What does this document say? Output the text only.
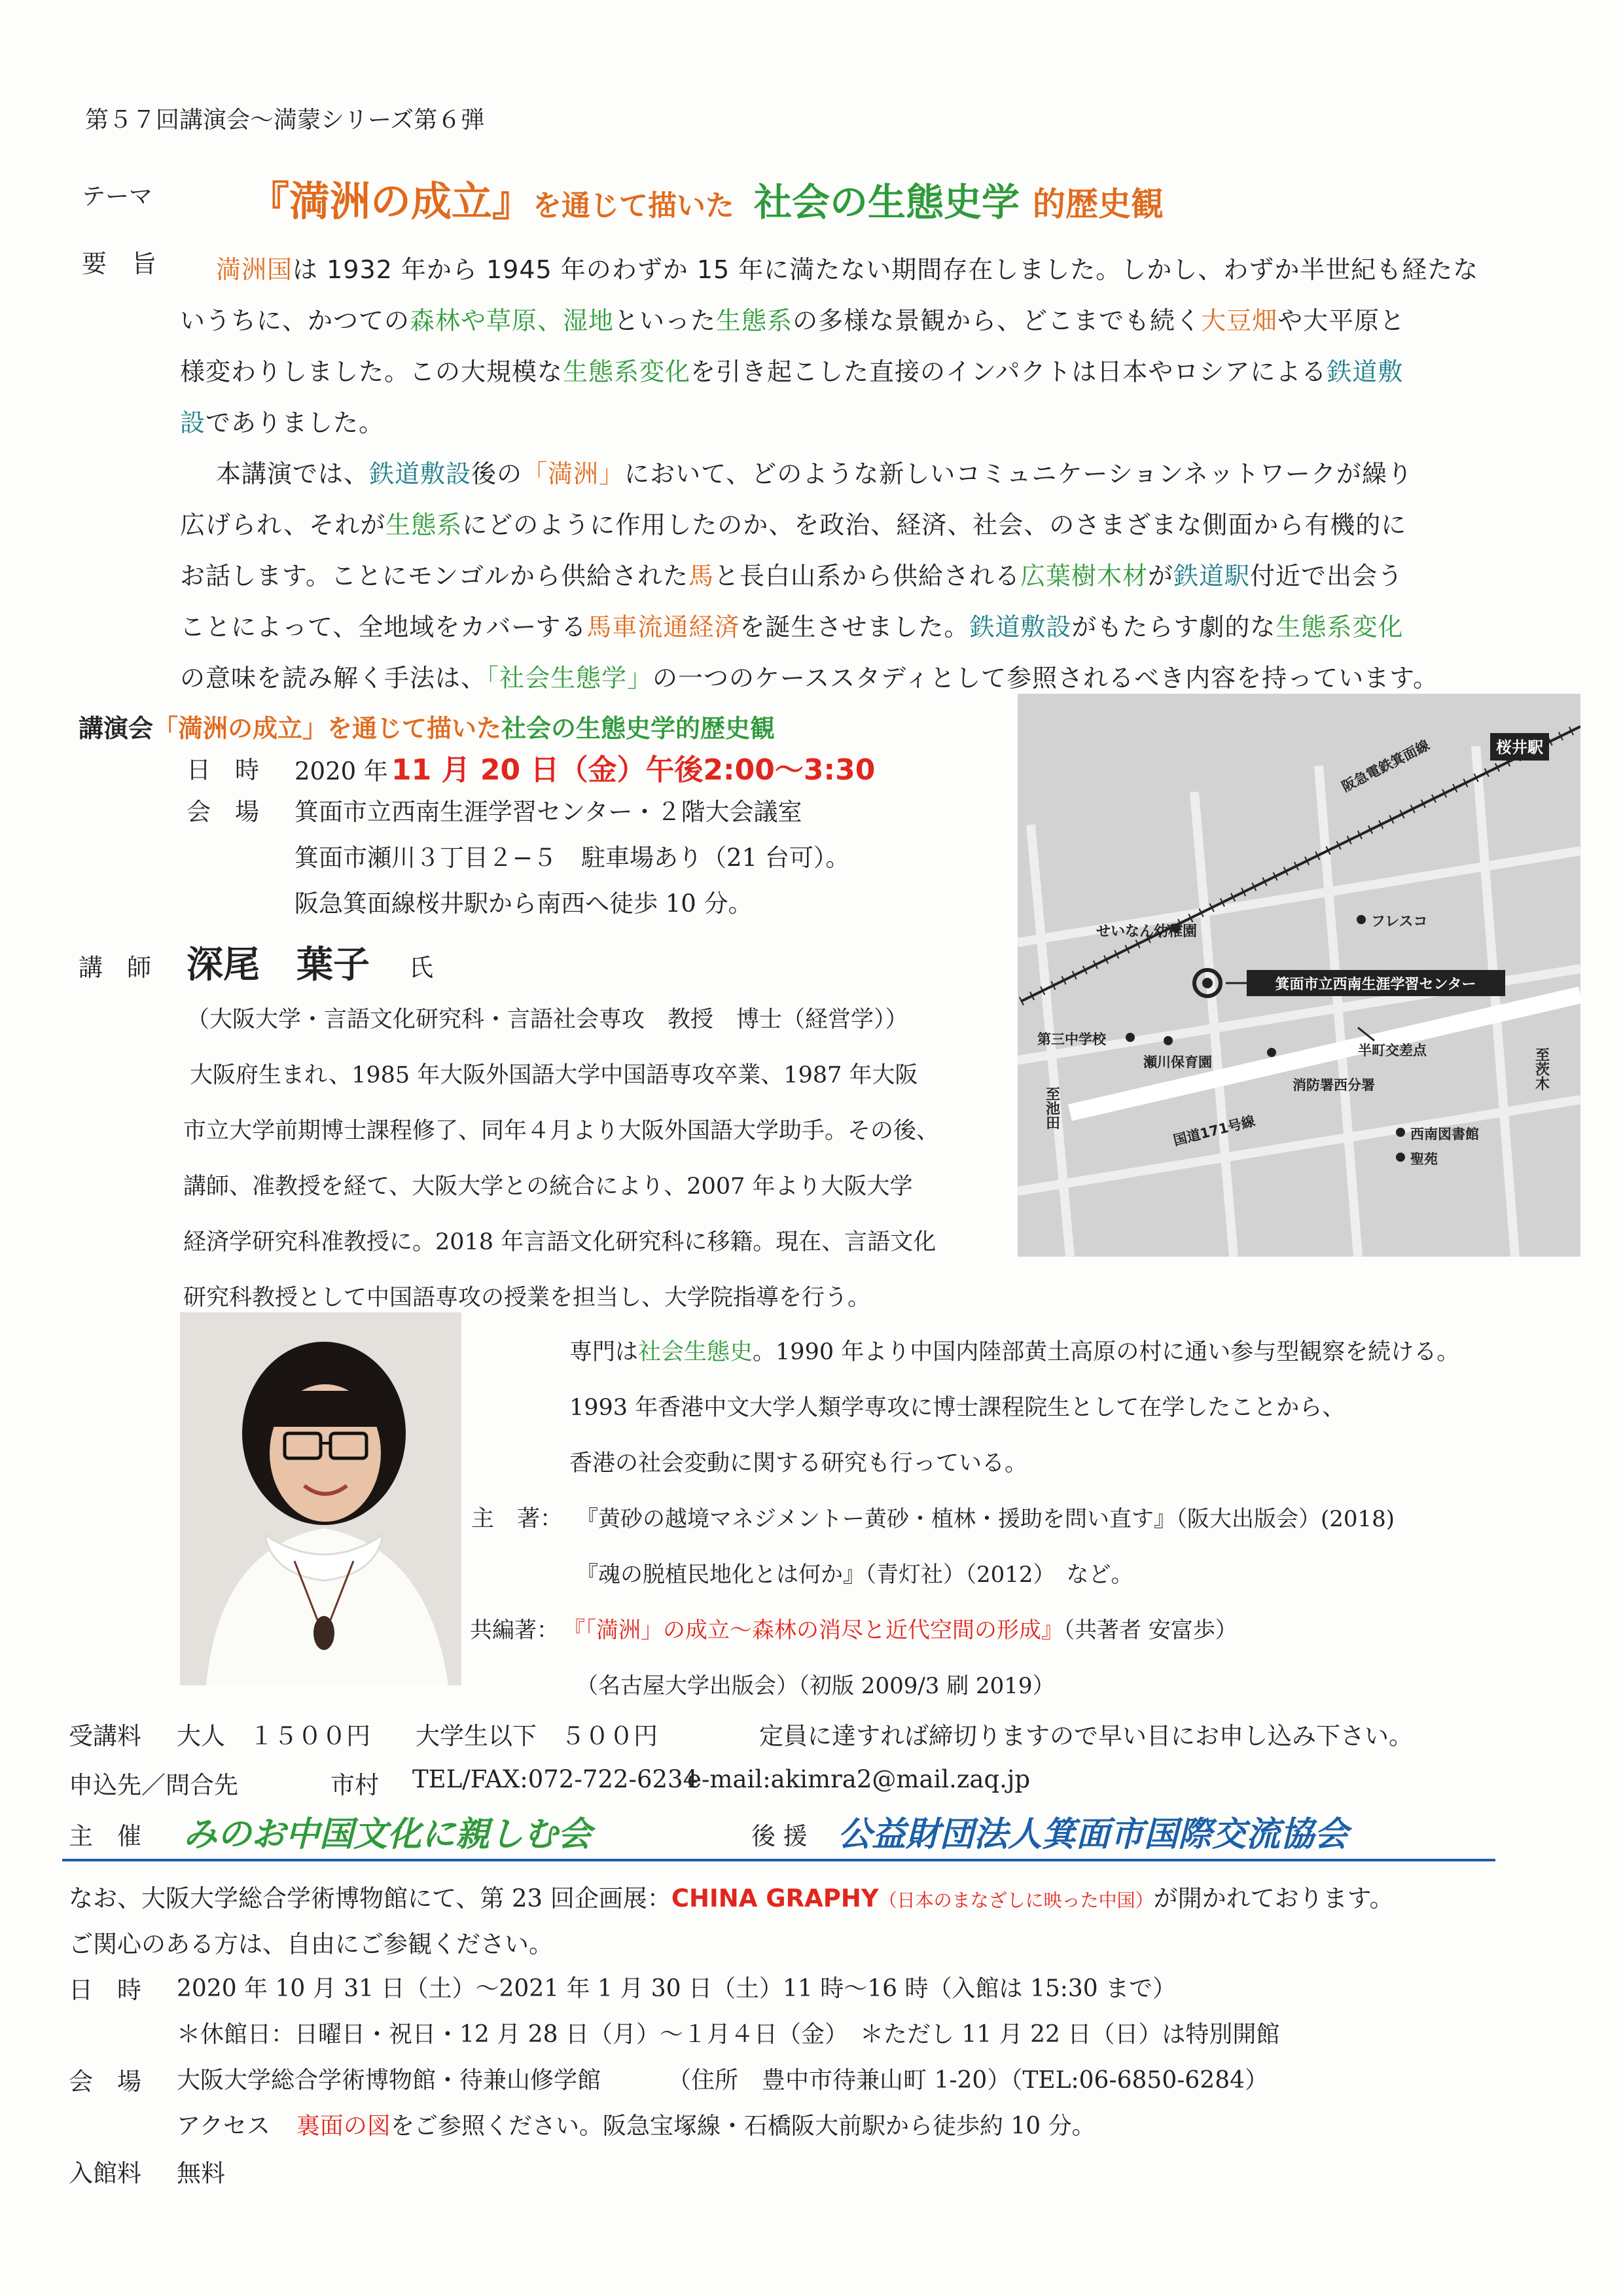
第５７回講演会〜満蒙シリーズ第６弾
テーマ 『満洲の成立』を通じて描いた 社会の生態史学 的歴史観
要　旨 満洲国は 1932 年から 1945 年のわずか 15 年に満たない期間存在しました。しかし、わずか半世紀も経たな
いうちに、かつての森林や草原、湿地といった生態系の多様な景観から、どこまでも続く大豆畑や大平原と
様変わりしました。この大規模な生態系変化を引き起こした直接のインパクトは日本やロシアによる鉄道敷
設でありました。
本講演では、鉄道敷設後の「満洲」において、どのような新しいコミュニケーションネットワークが繰り
広げられ、それが生態系にどのように作用したのか、を政治、経済、社会、のさまざまな側面から有機的に
お話します。ことにモンゴルから供給された馬と長白山系から供給される広葉樹木材が鉄道駅付近で出会う
ことによって、全地域をカバーする馬車流通経済を誕生させました。鉄道敷設がもたらす劇的な生態系変化
の意味を読み解く手法は、「社会生態学」の一つのケーススタディとして参照されるべき内容を持っています。
講演会「満洲の成立」を通じて描いた社会の生態史学的歴史観
日　時 2020 年 11 月 20 日（金）午後2:00〜3:30
会　場 箕面市立西南生涯学習センター・２階大会議室
箕面市瀬川３丁目２−５　駐車場あり（21 台可）。
阪急箕面線桜井駅から南西へ徒歩 10 分。
講　師 深尾　葉子 氏
（大阪大学・言語文化研究科・言語社会専攻　教授　博士（経営学））
大阪府生まれ、1985 年大阪外国語大学中国語専攻卒業、1987 年大阪
市立大学前期博士課程修了、同年４月より大阪外国語大学助手。その後、
講師、准教授を経て、大阪大学との統合により、2007 年より大阪大学
経済学研究科准教授に。2018 年言語文化研究科に移籍。現在、言語文化
研究科教授として中国語専攻の授業を担当し、大学院指導を行う。
桜井駅
阪急電鉄箕面線
せいなん幼稚園
フレスコ
箕面市立西南生涯学習センター
第三中学校
瀬川保育園
半町交差点
消防署西分署
至池田
至茨木
国道171号線	西南図書館
聖苑
専門は社会生態史。1990 年より中国内陸部黄土高原の村に通い参与型観察を続ける。
1993 年香港中文大学人類学専攻に博士課程院生として在学したことから、
香港の社会変動に関する研究も行っている。
主　著： 『黄砂の越境マネジメントー黄砂・植林・援助を問い直す』（阪大出版会）(2018)
『魂の脱植民地化とは何か』（青灯社）（2012）　など。
共編著： 『「満洲」の成立〜森林の消尽と近代空間の形成』（共著者 安富歩）
（名古屋大学出版会）（初版 2009/3 刷 2019）
受講料 大人　１５００円 大学生以下　５００円	定員に達すれば締切りますので早い目にお申し込み下さい。
申込先／問合先	市村 TEL/FAX:072-722-6234
e-mail:akimra2@mail.zaq.jp
主　催 みのお中国文化に親しむ会	後 援 公益財団法人箕面市国際交流協会
なお、大阪大学総合学術博物館にて、第 23 回企画展：CHINA GRAPHY（日本のまなざしに映った中国）が開かれております。
ご関心のある方は、自由にご参観ください。
日　時 2020 年 10 月 31 日（土）〜2021 年 1 月 30 日（土）11 時〜16 時（入館は 15:30 まで）
＊休館日：日曜日・祝日・12 月 28 日（月）〜１月４日（金）　＊ただし 11 月 22 日（日）は特別開館
会　場 大阪大学総合学術博物館・待兼山修学館	（住所　豊中市待兼山町 1-20）（TEL:06-6850-6284）
アクセス 裏面の図をご参照ください。阪急宝塚線・石橋阪大前駅から徒歩約 10 分。
入館料 無料
